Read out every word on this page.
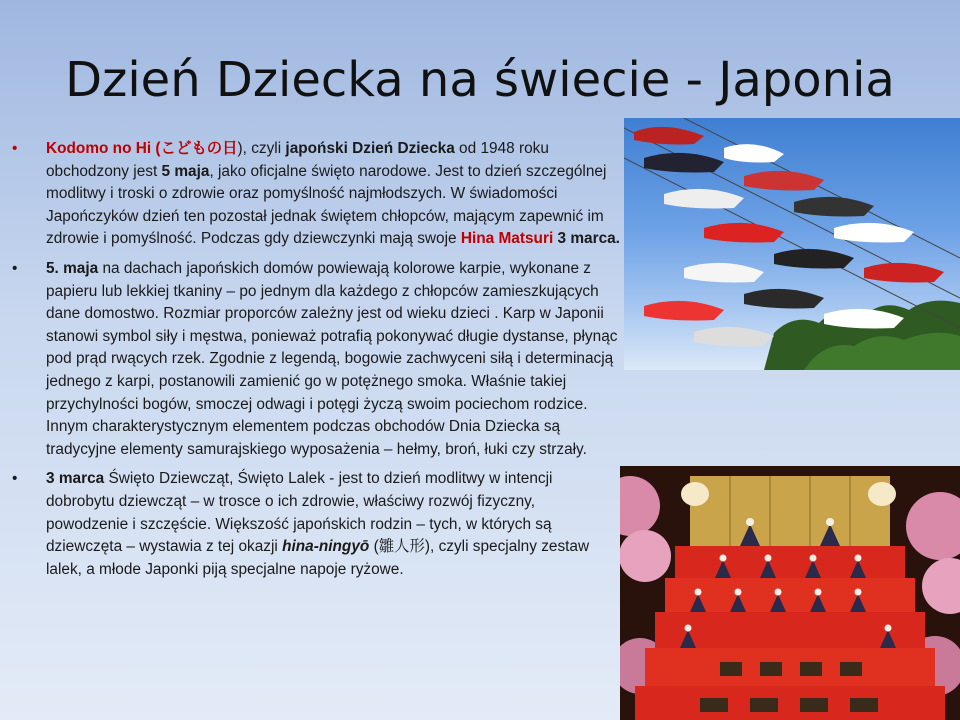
Dzień Dziecka na świecie - Japonia
• Kodomo no Hi (こどもの日), czyli japoński Dzień Dziecka od 1948 roku obchodzony jest 5 maja, jako oficjalne święto narodowe. Jest to dzień szczególnej modlitwy i troski o zdrowie oraz pomyślność najmłodszych. W świadomości Japończyków dzień ten pozostał jednak świętem chłopców, mającym zapewnić im zdrowie i pomyślność. Podczas gdy dziewczynki mają swoje Hina Matsuri 3 marca.
• 5. maja na dachach japońskich domów powiewają kolorowe karpie, wykonane z papieru lub lekkiej tkaniny – po jednym dla każdego z chłopców zamieszkujących dane domostwo. Rozmiar proporców zależny jest od wieku dzieci . Karp w Japonii stanowi symbol siły i męstwa, ponieważ potrafią pokonywać długie dystanse, płynąc pod prąd rwących rzek. Zgodnie z legendą, bogowie zachwyceni siłą i determinacją jednego z karpi, postanowili zamienić go w potężnego smoka. Właśnie takiej przychylności bogów, smoczej odwagi i potęgi życzą swoim pociechom rodzice. Innym charakterystycznym elementem podczas obchodów Dnia Dziecka są tradycyjne elementy samurajskiego wyposażenia – hełmy, broń, łuki czy strzały.
• 3 marca Święto Dziewcząt, Święto Lalek - jest to dzień modlitwy w intencji dobrobytu dziewcząt – w trosce o ich zdrowie, właściwy rozwój fizyczny, powodzenie i szczęście. Większość japońskich rodzin – tych, w których są dziewczęta – wystawia z tej okazji hina-ningyō (雛人形), czyli specjalny zestaw lalek, a młode Japonki piją specjalne napoje ryżowe.
